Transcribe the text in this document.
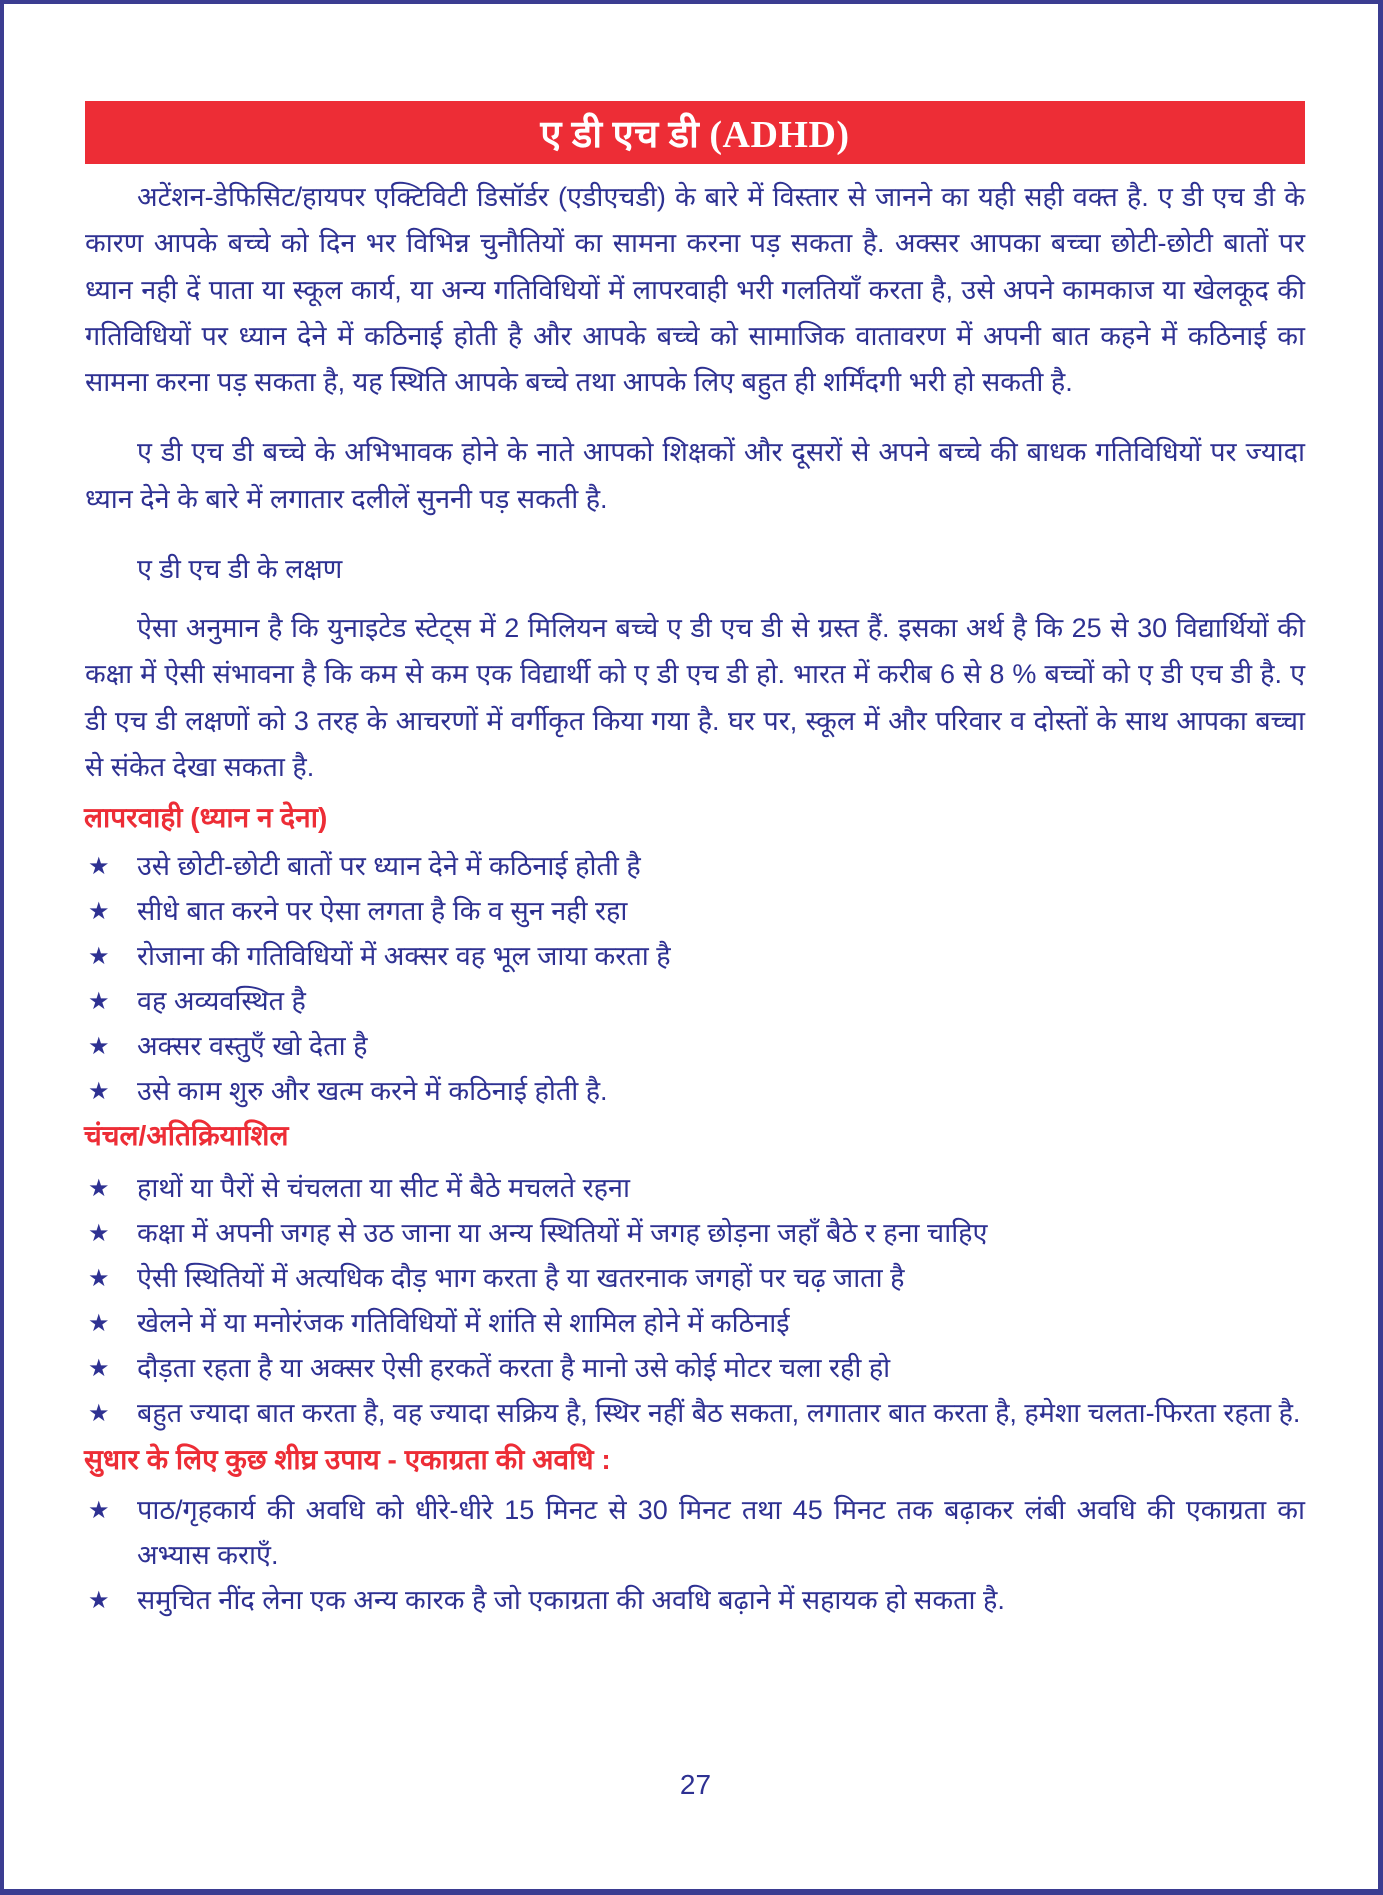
ए डी एच डी (ADHD)

अटेंशन-डेफिसिट/हायपर एक्टिविटी डिसॉर्डर (एडीएचडी) के बारे में विस्तार से जानने का यही सही वक्त है. ए डी एच डी के कारण आपके बच्चे को दिन भर विभिन्न चुनौतियों का सामना करना पड़ सकता है. अक्सर आपका बच्चा छोटी-छोटी बातों पर ध्यान नही दें पाता या स्कूल कार्य, या अन्य गतिविधियों में लापरवाही भरी गलतियाँ करता है, उसे अपने कामकाज या खेलकूद की गतिविधियों पर ध्यान देने में कठिनाई होती है और आपके बच्चे को सामाजिक वातावरण में अपनी बात कहने में कठिनाई का सामना करना पड़ सकता है, यह स्थिति आपके बच्चे तथा आपके लिए बहुत ही शर्मिंदगी भरी हो सकती है.

ए डी एच डी बच्चे के अभिभावक होने के नाते आपको शिक्षकों और दूसरों से अपने बच्चे की बाधक गतिविधियों पर ज्यादा ध्यान देने के बारे में लगातार दलीलें सुननी पड़ सकती है.

ए डी एच डी के लक्षण

ऐसा अनुमान है कि युनाइटेड स्टेट्स में 2 मिलियन बच्चे ए डी एच डी से ग्रस्त हैं. इसका अर्थ है कि 25 से 30 विद्यार्थियों की कक्षा में ऐसी संभावना है कि कम से कम एक विद्यार्थी को ए डी एच डी हो. भारत में करीब 6 से 8 % बच्चों को ए डी एच डी है. ए डी एच डी लक्षणों को 3 तरह के आचरणों में वर्गीकृत किया गया है. घर पर, स्कूल में और परिवार व दोस्तों के साथ आपका बच्चा से संकेत देखा सकता है.

लापरवाही (ध्यान न देना)
★ उसे छोटी-छोटी बातों पर ध्यान देने में कठिनाई होती है
★ सीधे बात करने पर ऐसा लगता है कि व सुन नही रहा
★ रोजाना की गतिविधियों में अक्सर वह भूल जाया करता है
★ वह अव्यवस्थित है
★ अक्सर वस्तुएँ खो देता है
★ उसे काम शुरु और खत्म करने में कठिनाई होती है.
चंचल/अतिक्रियाशिल
★ हाथों या पैरों से चंचलता या सीट में बैठे मचलते रहना
★ कक्षा में अपनी जगह से उठ जाना या अन्य स्थितियों में जगह छोड़ना जहाँ बैठे र हना चाहिए
★ ऐसी स्थितियों में अत्यधिक दौड़ भाग करता है या खतरनाक जगहों पर चढ़ जाता है
★ खेलने में या मनोरंजक गतिविधियों में शांति से शामिल होने में कठिनाई
★ दौड़ता रहता है या अक्सर ऐसी हरकतें करता है मानो उसे कोई मोटर चला रही हो
★ बहुत ज्यादा बात करता है, वह ज्यादा सक्रिय है, स्थिर नहीं बैठ सकता, लगातार बात करता है, हमेशा चलता-फिरता रहता है.
सुधार के लिए कुछ शीघ्र उपाय - एकाग्रता की अवधि :
★ पाठ/गृहकार्य की अवधि को धीरे-धीरे 15 मिनट से 30 मिनट तथा 45 मिनट तक बढ़ाकर लंबी अवधि की एकाग्रता का अभ्यास कराएँ.
★ समुचित नींद लेना एक अन्य कारक है जो एकाग्रता की अवधि बढ़ाने में सहायक हो सकता है.
27
